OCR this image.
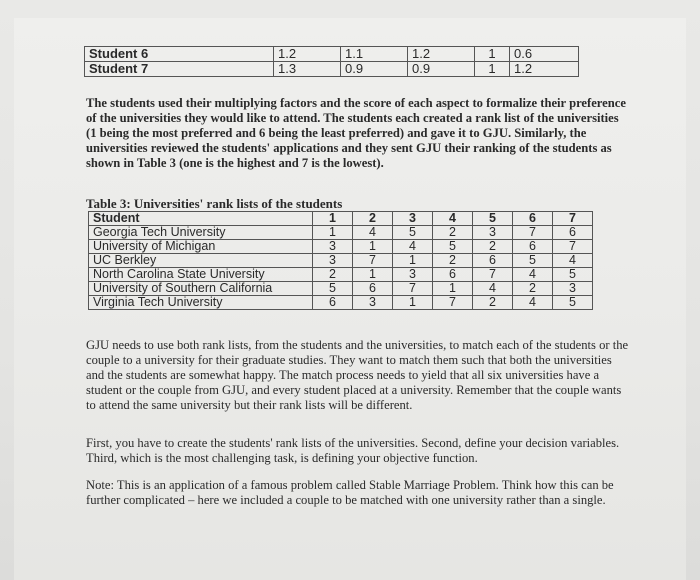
Student 6	1.2	1.1	1.2	1	0.6
Student 7	1.3	0.9	0.9	1	1.2
The students used their multiplying factors and the score of each aspect to formalize their preference of the universities they would like to attend. The students each created a rank list of the universities (1 being the most preferred and 6 being the least preferred) and gave it to GJU. Similarly, the universities reviewed the students' applications and they sent GJU their ranking of the students as shown in Table 3 (one is the highest and 7 is the lowest).
Table 3: Universities' rank lists of the students
Student	1	2	3	4	5	6	7
Georgia Tech University	1	4	5	2	3	7	6
University of Michigan	3	1	4	5	2	6	7
UC Berkley	3	7	1	2	6	5	4
North Carolina State University	2	1	3	6	7	4	5
University of Southern California	5	6	7	1	4	2	3
Virginia Tech University	6	3	1	7	2	4	5
GJU needs to use both rank lists, from the students and the universities, to match each of the students or the couple to a university for their graduate studies. They want to match them such that both the universities and the students are somewhat happy. The match process needs to yield that all six universities have a student or the couple from GJU, and every student placed at a university. Remember that the couple wants to attend the same university but their rank lists will be different.
First, you have to create the students' rank lists of the universities. Second, define your decision variables. Third, which is the most challenging task, is defining your objective function.
Note: This is an application of a famous problem called Stable Marriage Problem. Think how this can be further complicated – here we included a couple to be matched with one university rather than a single.
